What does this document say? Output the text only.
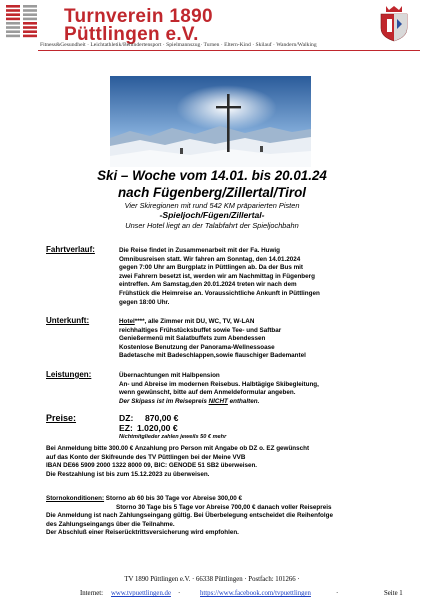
Turnverein 1890
Püttlingen e.V.
Fitness&Gesundheit · Leichtathletik/Behindertensport · Spielmannszug· Turnen · Eltern-Kind · Skilauf · Wandern/Walking
Ski – Woche vom 14.01. bis 20.01.24
nach Fügenberg/Zillertal/Tirol
Vier Skiregionen mit rund 542 KM präparierten Pisten
-Spieljoch/Fügen/Zillertal-
Unser Hotel liegt an der Talabfahrt der Spieljochbahn
Fahrtverlauf:	Die Reise findet in Zusammenarbeit mit der Fa. Huwig
Omnibusreisen statt. Wir fahren am Sonntag, den 14.01.2024
gegen 7:00 Uhr am Burgplatz in Püttlingen ab. Da der Bus mit
zwei Fahrern besetzt ist, werden wir am Nachmittag in Fügenberg
eintreffen. Am Samstag,den 20.01.2024 treten wir nach dem
Frühstück die Heimreise an. Voraussichtliche Ankunft in Püttlingen
gegen 18:00 Uhr.
Unterkunft:	Hotel****, alle Zimmer mit DU, WC, TV, W-LAN
reichhaltiges Frühstücksbuffet sowie Tee- und Saftbar
Genießermenü mit Salatbuffets zum Abendessen
Kostenlose Benutzung der Panorama-Wellnessoase
Badetasche mit Badeschlappen,sowie flauschiger Bademantel
Leistungen:	Übernachtungen mit Halbpension
An- und Abreise im modernen Reisebus. Halbtägige Skibegleitung,
wenn gewünscht, bitte auf dem Anmeldeformular angeben.
Der Skipass ist im Reisepreis NICHT enthalten.
Preise:	DZ: 870,00 €
EZ: 1.020,00 €
Nichtmitglieder zahlen jeweils 50 € mehr
Bei Anmeldung bitte 300.00 € Anzahlung pro Person mit Angabe ob DZ o. EZ gewünscht
auf das Konto der Skifreunde des TV Püttlingen bei der Meine VVB
IBAN DE66 5909 2000 1322 8000 09, BIC: GENODE 51 SB2 überweisen.
Die Restzahlung ist bis zum 15.12.2023 zu überweisen.
Stornokonditionen: Storno ab 60 bis 30 Tage vor Abreise 300,00 €
Storno 30 Tage bis 5 Tage vor Abreise 700,00 € danach voller Reisepreis
Die Anmeldung ist nach Zahlungseingang gültig. Bei Überbelegung entscheidet die Reihenfolge
des Zahlungseingangs über die Teilnahme.
Der Abschluß einer Reiserücktrittsversicherung wird empfohlen.
TV 1890 Püttlingen e.V. · 66338 Püttlingen · Postfach: 101266 ·
Internet: www.tvpuettlingen.de ·	https://www.facebook.com/tvpuettlingen	·	Seite 1
